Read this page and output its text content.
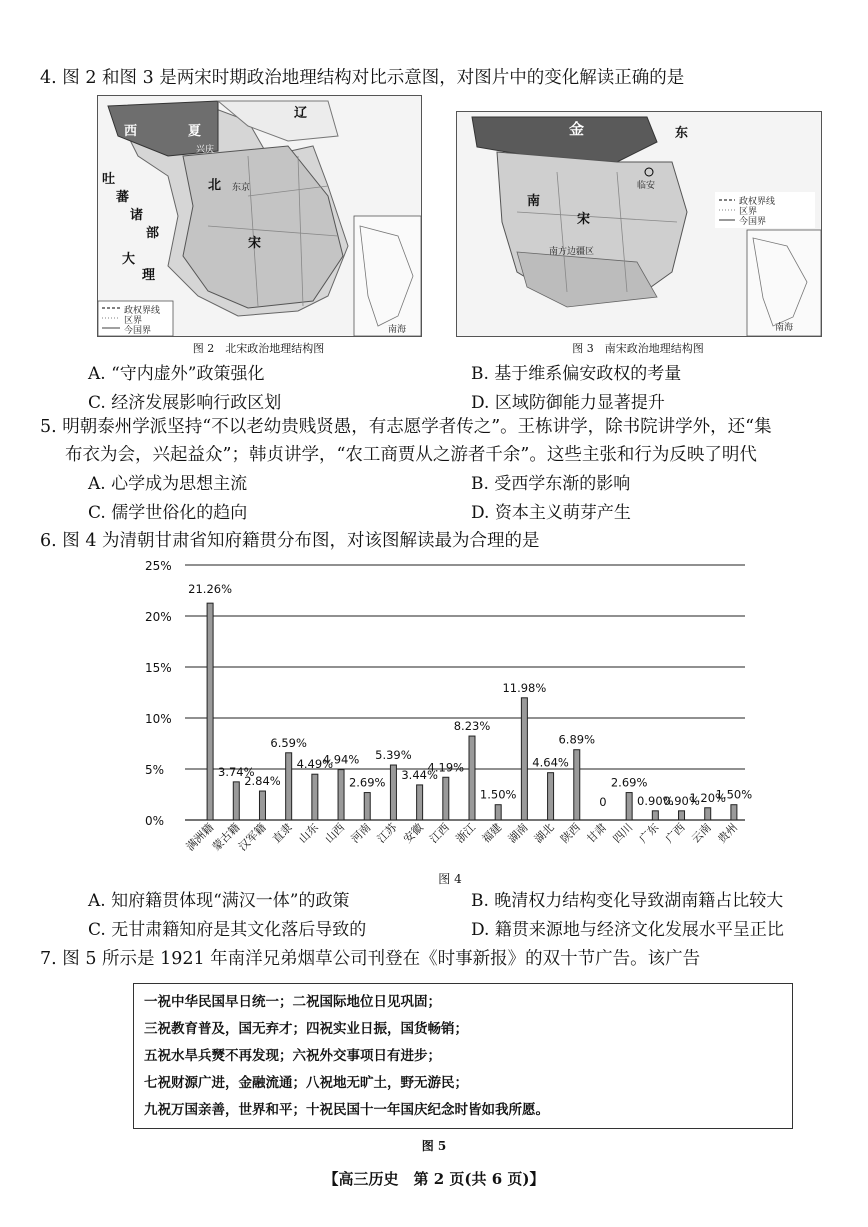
4. 图 2 和图 3 是两宋时期政治地理结构对比示意图，对图片中的变化解读正确的是
西	夏
辽
北
宋
吐
蕃
诸
部
大
理
兴庆
东京
政权界线
区界
今国界	南海
图 2　北宋政治地理结构图
金
南
宋
南方边疆区
临安
东
政权界线
区界
今国界
南海
图 3　南宋政治地理结构图
A. “守内虚外”政策强化	B. 基于维系偏安政权的考量
C. 经济发展影响行政区划	D. 区域防御能力显著提升
5. 明朝泰州学派坚持“不以老幼贵贱贤愚，有志愿学者传之”。王栋讲学，除书院讲学外，还“集
布衣为会，兴起益众”；韩贞讲学，“农工商贾从之游者千余”。这些主张和行为反映了明代
A. 心学成为思想主流	B. 受西学东渐的影响
C. 儒学世俗化的趋向	D. 资本主义萌芽产生
6. 图 4 为清朝甘肃省知府籍贯分布图，对该图解读最为合理的是
0%
5%
10%
15%
20%
25%
21.26%
3.74%
2.84%
6.59%
4.49%
4.94%
2.69%
5.39%
3.44%
4.19%
8.23%
1.50%
11.98%
4.64%
6.89%
0
2.69%
0.90%
0.90%
1.20%
1.50%
满洲籍
蒙古籍
汉军籍 直隶 山东 山西 河南 江苏 安徽 江西 浙江 福建 湖南 湖北 陕西 甘肃 四川 广东 广西 云南 贵州
图 4
A. 知府籍贯体现“满汉一体”的政策	B. 晚清权力结构变化导致湖南籍占比较大
C. 无甘肃籍知府是其文化落后导致的	D. 籍贯来源地与经济文化发展水平呈正比
7. 图 5 所示是 1921 年南洋兄弟烟草公司刊登在《时事新报》的双十节广告。该广告
一祝中华民国早日统一；二祝国际地位日见巩固；
三祝教育普及，国无弃才；四祝实业日振，国货畅销；
五祝水旱兵燹不再发现；六祝外交事项日有进步；
七祝财源广进，金融流通；八祝地无旷土，野无游民；
九祝万国亲善，世界和平；十祝民国十一年国庆纪念时皆如我所愿。
图 5
【高三历史　第 2 页(共 6 页)】
